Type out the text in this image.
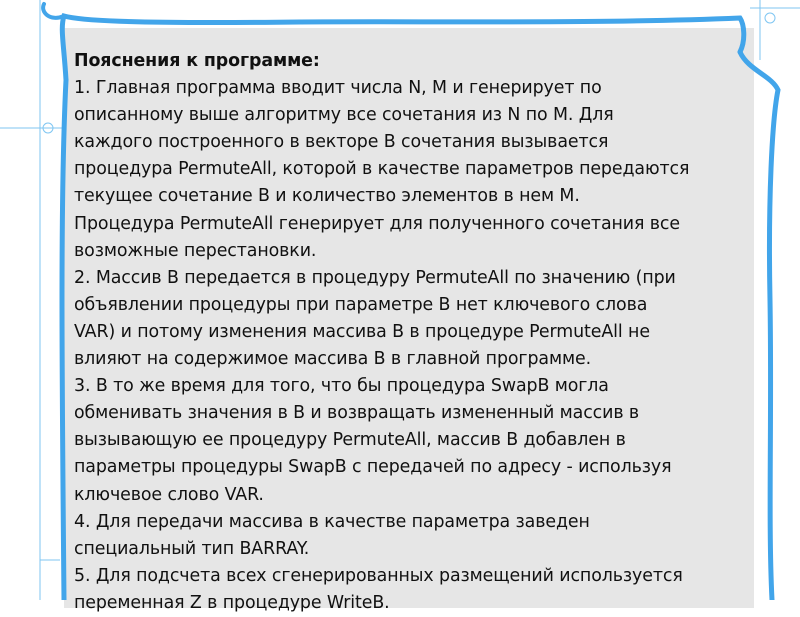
Пояснения к программе:

1. Главная программа вводит числа N, M и генерирует по

описанному выше алгоритму все сочетания из N по M. Для

каждого построенного в векторе B сочетания вызывается

процедура PermuteAll, которой в качестве параметров передаются

текущее сочетание B и количество элементов в нем M.

Процедура PermuteAll генерирует для полученного сочетания все

возможные перестановки.

2. Массив B передается в процедуру PermuteAll по значению (при

объявлении процедуры при параметре B нет ключевого слова

VAR) и потому изменения массива B в процедуре PermuteAll не

влияют на содержимое массива B в главной программе.

3. В то же время для того, что бы процедура SwapB могла

обменивать значения в B и возвращать измененный массив в

вызывающую ее процедуру PermuteAll, массив B добавлен в

параметры процедуры SwapB с передачей по адресу - используя

ключевое слово VAR.

4. Для передачи массива в качестве параметра заведен

специальный тип BARRAY.

5. Для подсчета всех сгенерированных размещений используется

переменная Z в процедуре WriteB.
